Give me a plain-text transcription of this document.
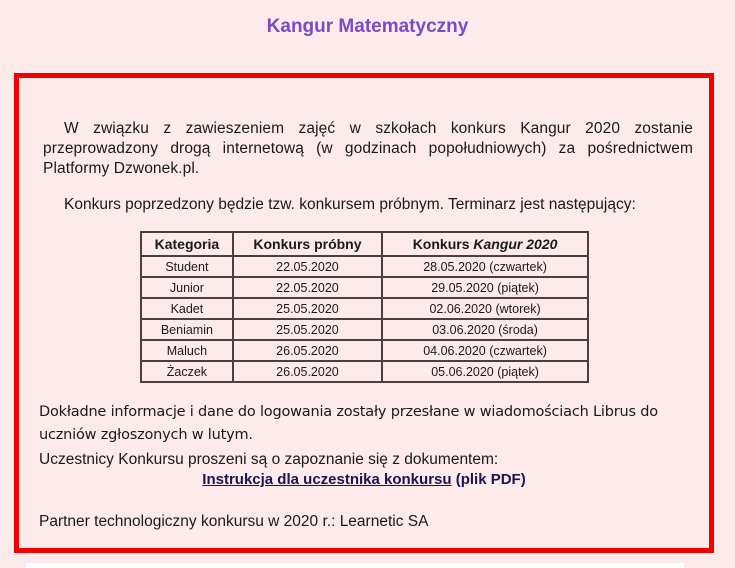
Kangur Matematyczny
W związku z zawieszeniem zajęć w szkołach konkurs Kangur 2020 zostanie przeprowadzony drogą internetową (w godzinach popołudniowych) za pośrednictwem Platformy Dzwonek.pl.
Konkurs poprzedzony będzie tzw. konkursem próbnym. Terminarz jest następujący:
Kategoria	Konkurs próbny	Konkurs Kangur 2020
Student	22.05.2020	28.05.2020 (czwartek)
Junior	22.05.2020	29.05.2020 (piątek)
Kadet	25.05.2020	02.06.2020 (wtorek)
Beniamin	25.05.2020	03.06.2020 (środa)
Maluch	26.05.2020	04.06.2020 (czwartek)
Żaczek	26.05.2020	05.06.2020 (piątek)
Dokładne informacje i dane do logowania zostały przesłane w wiadomościach Librus do uczniów zgłoszonych w lutym.
Uczestnicy Konkursu proszeni są o zapoznanie się z dokumentem:
Instrukcja dla uczestnika konkursu (plik PDF)
Partner technologiczny konkursu w 2020 r.: Learnetic SA
